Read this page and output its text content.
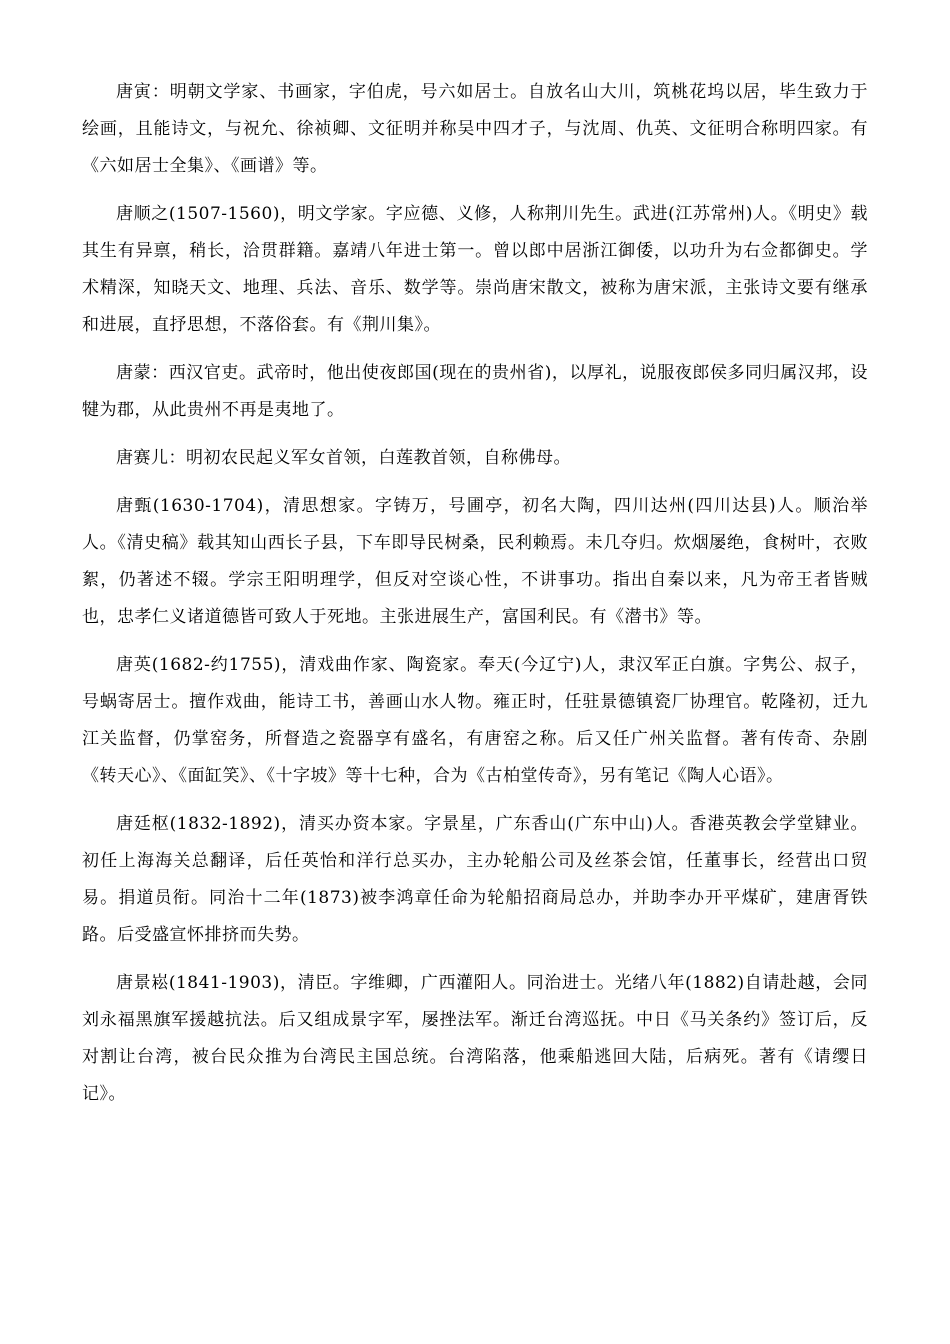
唐寅：明朝文学家、书画家，字伯虎，号六如居士。自放名山大川，筑桃花坞以居，毕生致力于绘画，且能诗文，与祝允、徐祯卿、文征明并称吴中四才子，与沈周、仇英、文征明合称明四家。有《六如居士全集》、《画谱》等。

唐顺之(1507-1560)，明文学家。字应德、义修，人称荆川先生。武进(江苏常州)人。《明史》载其生有异禀，稍长，洽贯群籍。嘉靖八年进士第一。曾以郎中居浙江御倭，以功升为右佥都御史。学术精深，知晓天文、地理、兵法、音乐、数学等。崇尚唐宋散文，被称为唐宋派，主张诗文要有继承和进展，直抒思想，不落俗套。有《荆川集》。

唐蒙：西汉官吏。武帝时，他出使夜郎国(现在的贵州省)，以厚礼，说服夜郎侯多同归属汉邦，设犍为郡，从此贵州不再是夷地了。

唐赛儿：明初农民起义军女首领，白莲教首领，自称佛母。

唐甄(1630-1704)，清思想家。字铸万，号圃亭，初名大陶，四川达州(四川达县)人。顺治举人。《清史稿》载其知山西长子县，下车即导民树桑，民利赖焉。未几夺归。炊烟屡绝，食树叶，衣败絮，仍著述不辍。学宗王阳明理学，但反对空谈心性，不讲事功。指出自秦以来，凡为帝王者皆贼也，忠孝仁义诸道德皆可致人于死地。主张进展生产，富国利民。有《潜书》等。

唐英(1682-约1755)，清戏曲作家、陶瓷家。奉天(今辽宁)人，隶汉军正白旗。字隽公、叔子，号蜗寄居士。擅作戏曲，能诗工书，善画山水人物。雍正时，任驻景德镇瓷厂协理官。乾隆初，迁九江关监督，仍掌窑务，所督造之瓷器享有盛名，有唐窑之称。后又任广州关监督。著有传奇、杂剧《转天心》、《面缸笑》、《十字坡》等十七种，合为《古柏堂传奇》，另有笔记《陶人心语》。

唐廷枢(1832-1892)，清买办资本家。字景星，广东香山(广东中山)人。香港英教会学堂肄业。初任上海海关总翻译，后任英怡和洋行总买办，主办轮船公司及丝茶会馆，任董事长，经营出口贸易。捐道员衔。同治十二年(1873)被李鸿章任命为轮船招商局总办，并助李办开平煤矿，建唐胥铁路。后受盛宣怀排挤而失势。

唐景崧(1841-1903)，清臣。字维卿，广西灌阳人。同治进士。光绪八年(1882)自请赴越，会同刘永福黑旗军援越抗法。后又组成景字军，屡挫法军。渐迁台湾巡抚。中日《马关条约》签订后，反对割让台湾，被台民众推为台湾民主国总统。台湾陷落，他乘船逃回大陆，后病死。著有《请缨日记》。
